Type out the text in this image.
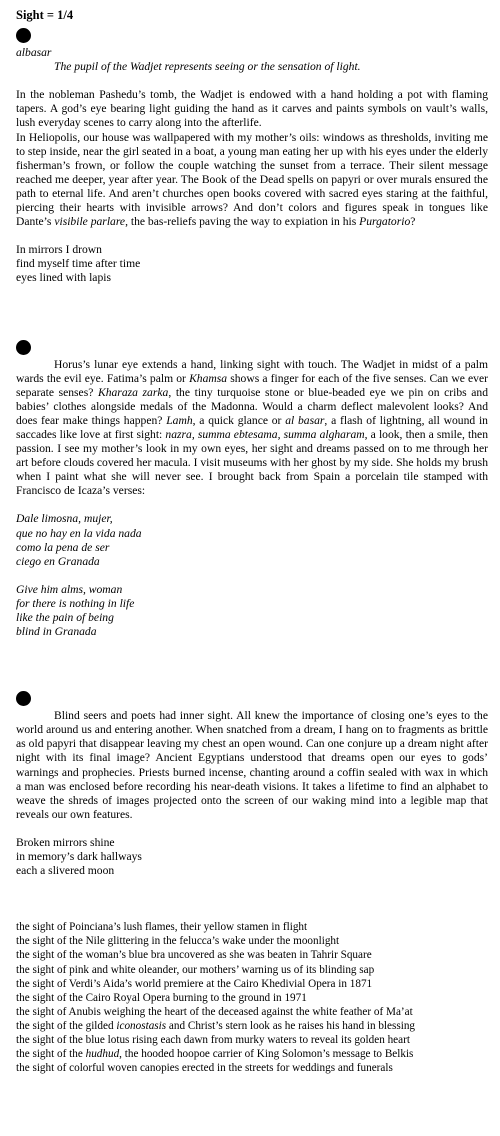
Sight = 1/4

albasar

The pupil of the Wadjet represents seeing or the sensation of light.

In the nobleman Pashedu’s tomb, the Wadjet is endowed with a hand holding a pot with flaming tapers. A god’s eye bearing light guiding the hand as it carves and paints symbols on vault’s walls, lush everyday scenes to carry along into the afterlife.

In Heliopolis, our house was wallpapered with my mother’s oils: windows as thresholds, inviting me to step inside, near the girl seated in a boat, a young man eating her up with his eyes under the elderly fisherman’s frown, or follow the couple watching the sunset from a terrace. Their silent message reached me deeper, year after year. The Book of the Dead spells on papyri or over murals ensured the path to eternal life. And aren’t churches open books covered with sacred eyes staring at the faithful, piercing their hearts with invisible arrows? And don’t colors and figures speak in tongues like Dante’s visibile parlare, the bas-reliefs paving the way to expiation in his Purgatorio?

In mirrors I drown
find myself time after time
eyes lined with lapis

Horus’s lunar eye extends a hand, linking sight with touch. The Wadjet in midst of a palm wards the evil eye. Fatima’s palm or Khamsa shows a finger for each of the five senses. Can we ever separate senses? Kharaza zarka, the tiny turquoise stone or blue-beaded eye we pin on cribs and babies’ clothes alongside medals of the Madonna. Would a charm deflect malevolent looks? And does fear make things happen? Lamh, a quick glance or al basar, a flash of lightning, all wound in saccades like love at first sight: nazra, summa ebtesama, summa algharam, a look, then a smile, then passion. I see my mother’s look in my own eyes, her sight and dreams passed on to me through her art before clouds covered her macula. I visit museums with her ghost by my side. She holds my brush when I paint what she will never see. I brought back from Spain a porcelain tile stamped with Francisco de Icaza’s verses:

Dale limosna, mujer,
que no hay en la vida nada
como la pena de ser
ciego en Granada
Give him alms, woman
for there is nothing in life
like the pain of being
blind in Granada

Blind seers and poets had inner sight. All knew the importance of closing one’s eyes to the world around us and entering another. When snatched from a dream, I hang on to fragments as brittle as old papyri that disappear leaving my chest an open wound. Can one conjure up a dream night after night with its final image? Ancient Egyptians understood that dreams open our eyes to gods’ warnings and prophecies. Priests burned incense, chanting around a coffin sealed with wax in which a man was enclosed before recording his near-death visions. It takes a lifetime to find an alphabet to weave the shreds of images projected onto the screen of our waking mind into a legible map that reveals our own features.

Broken mirrors shine
in memory’s dark hallways
each a slivered moon
the sight of Poinciana’s lush flames, their yellow stamen in flight
the sight of the Nile glittering in the felucca’s wake under the moonlight
the sight of the woman’s blue bra uncovered as she was beaten in Tahrir Square
the sight of pink and white oleander, our mothers’ warning us of its blinding sap
the sight of Verdi’s Aida’s world premiere at the Cairo Khedivial Opera in 1871
the sight of the Cairo Royal Opera burning to the ground in 1971
the sight of Anubis weighing the heart of the deceased against the white feather of Ma’at
the sight of the gilded iconostasis and Christ’s stern look as he raises his hand in blessing
the sight of the blue lotus rising each dawn from murky waters to reveal its golden heart
the sight of the hudhud, the hooded hoopoe carrier of King Solomon’s message to Belkis
the sight of colorful woven canopies erected in the streets for weddings and funerals
